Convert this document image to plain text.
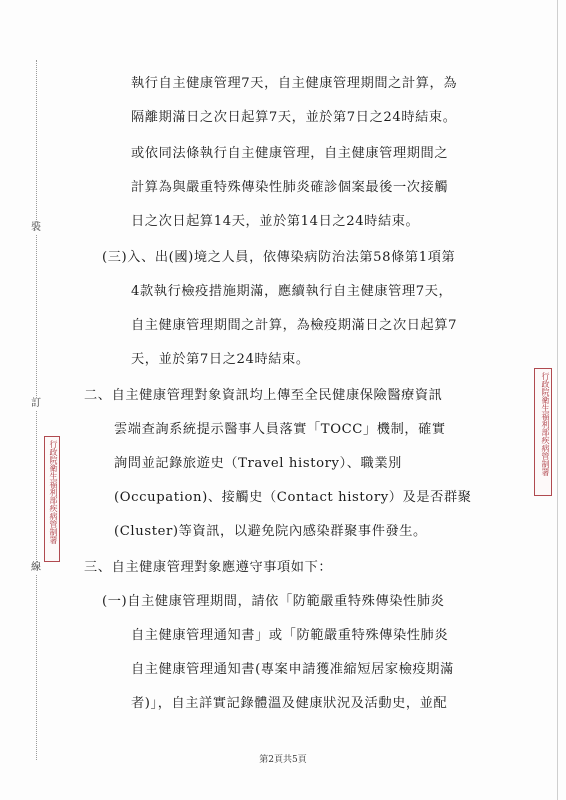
裝
訂
線
行政院衛生福利部疾病管制署
行政院衛生福利部疾病管制署
執行自主健康管理7天，自主健康管理期間之計算，為
隔離期滿日之次日起算7天，並於第7日之24時結束。
或依同法條執行自主健康管理，自主健康管理期間之
計算為與嚴重特殊傳染性肺炎確診個案最後一次接觸
日之次日起算14天，並於第14日之24時結束。
(三)入、出(國)境之人員，依傳染病防治法第58條第1項第
4款執行檢疫措施期滿，應續執行自主健康管理7天，
自主健康管理期間之計算，為檢疫期滿日之次日起算7
天，並於第7日之24時結束。
二、自主健康管理對象資訊均上傳至全民健康保險醫療資訊
雲端查詢系統提示醫事人員落實「TOCC」機制，確實
詢問並記錄旅遊史（Travel history）、職業別
(Occupation)、接觸史（Contact history）及是否群聚
(Cluster)等資訊，以避免院內感染群聚事件發生。
三、自主健康管理對象應遵守事項如下：
(一)自主健康管理期間，請依「防範嚴重特殊傳染性肺炎
自主健康管理通知書」或「防範嚴重特殊傳染性肺炎
自主健康管理通知書(專案申請獲准縮短居家檢疫期滿
者)」，自主詳實記錄體溫及健康狀況及活動史，並配
第2頁共5頁
